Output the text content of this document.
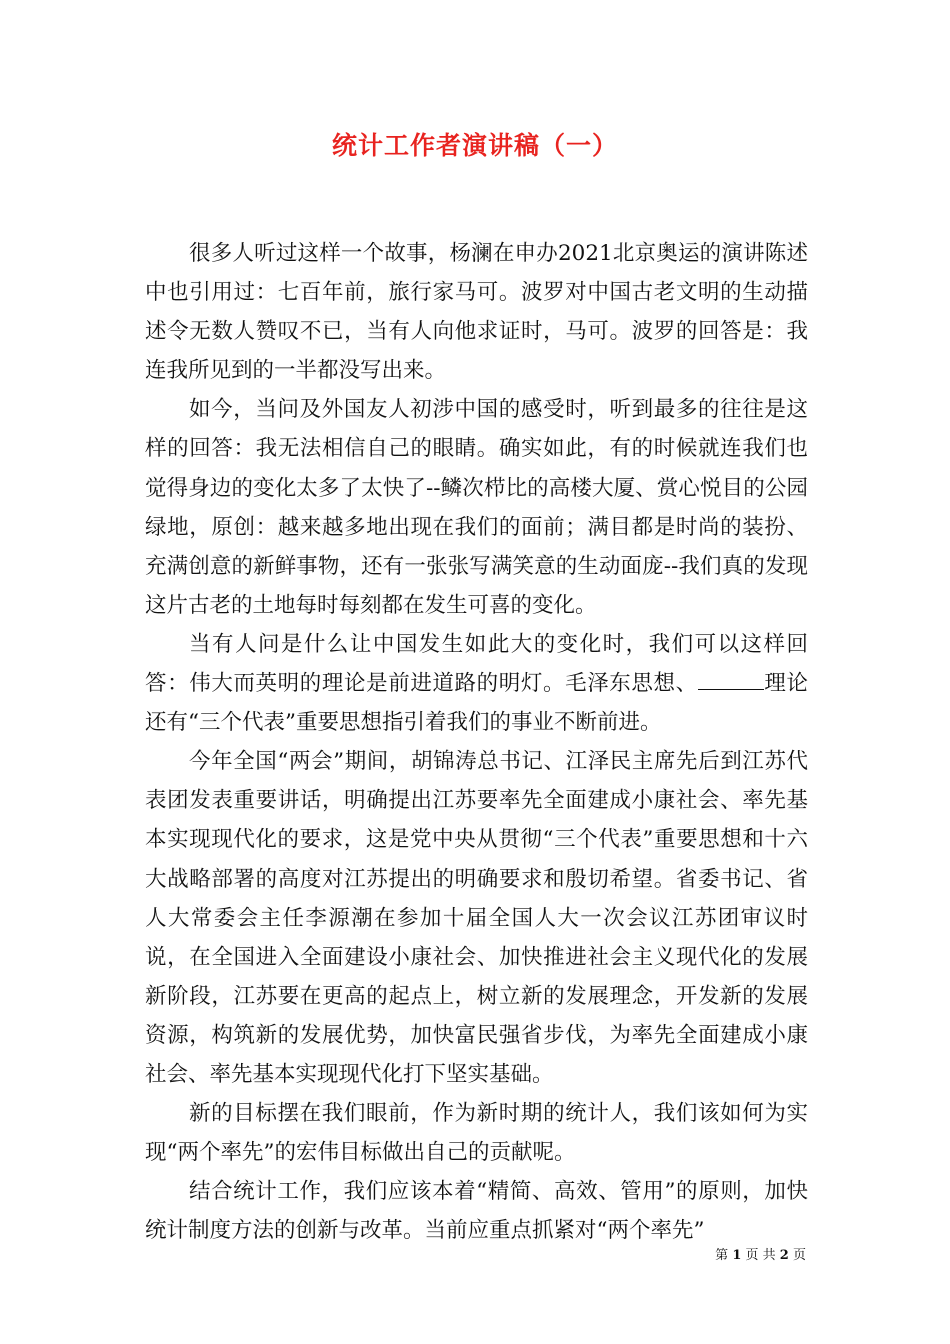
统计工作者演讲稿（一）

很多人听过这样一个故事，杨澜在申办2021北京奥运的演讲陈述中也引用过：七百年前，旅行家马可。波罗对中国古老文明的生动描述令无数人赞叹不已，当有人向他求证时，马可。波罗的回答是：我连我所见到的一半都没写出来。

如今，当问及外国友人初涉中国的感受时，听到最多的往往是这样的回答：我无法相信自己的眼睛。确实如此，有的时候就连我们也觉得身边的变化太多了太快了--鳞次栉比的高楼大厦、赏心悦目的公园绿地，原创：越来越多地出现在我们的面前；满目都是时尚的装扮、充满创意的新鲜事物，还有一张张写满笑意的生动面庞--我们真的发现这片古老的土地每时每刻都在发生可喜的变化。

当有人问是什么让中国发生如此大的变化时，我们可以这样回答：伟大而英明的理论是前进道路的明灯。毛泽东思想、	理论还有“三个代表”重要思想指引着我们的事业不断前进。

今年全国“两会”期间，胡锦涛总书记、江泽民主席先后到江苏代表团发表重要讲话，明确提出江苏要率先全面建成小康社会、率先基本实现现代化的要求，这是党中央从贯彻“三个代表”重要思想和十六大战略部署的高度对江苏提出的明确要求和殷切希望。省委书记、省人大常委会主任李源潮在参加十届全国人大一次会议江苏团审议时说，在全国进入全面建设小康社会、加快推进社会主义现代化的发展新阶段，江苏要在更高的起点上，树立新的发展理念，开发新的发展资源，构筑新的发展优势，加快富民强省步伐，为率先全面建成小康社会、率先基本实现现代化打下坚实基础。

新的目标摆在我们眼前，作为新时期的统计人，我们该如何为实现“两个率先”的宏伟目标做出自己的贡献呢。

结合统计工作，我们应该本着“精简、高效、管用”的原则，加快统计制度方法的创新与改革。当前应重点抓紧对“两个率先”

第 1 页 共 2 页
